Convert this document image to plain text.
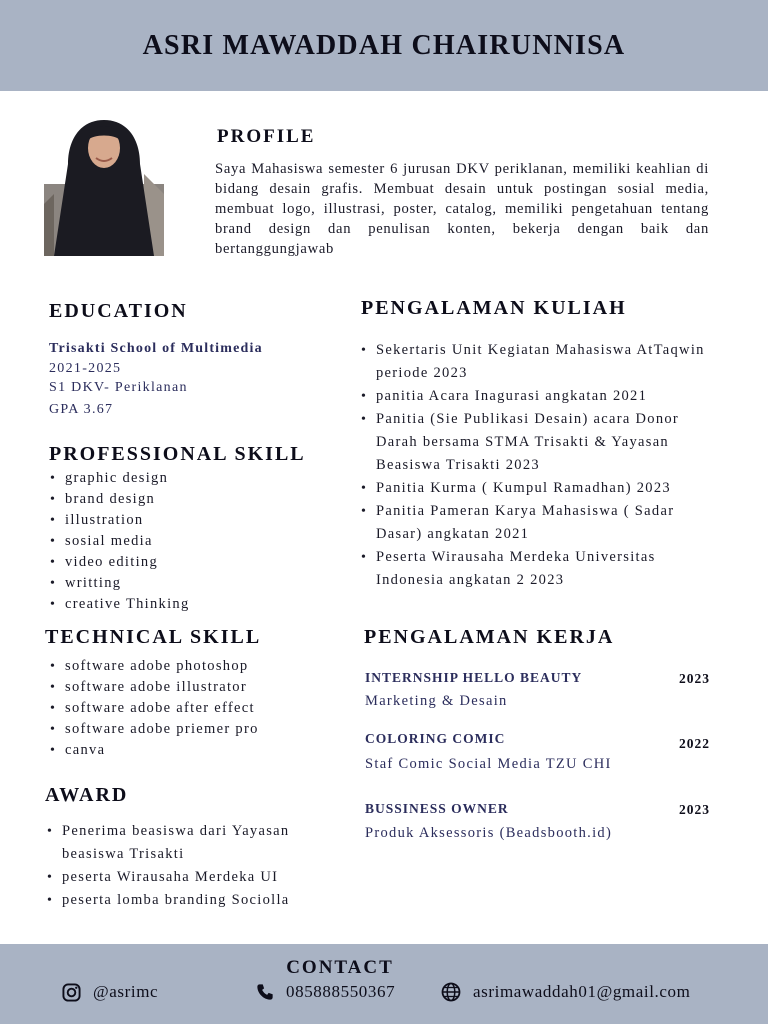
ASRI MAWADDAH CHAIRUNNISA
PROFILE
Saya Mahasiswa semester 6 jurusan DKV periklanan, memiliki keahlian di bidang desain grafis. Membuat desain untuk postingan sosial media, membuat logo, illustrasi, poster, catalog, memiliki pengetahuan tentang brand design dan penulisan konten, bekerja dengan baik dan bertanggungjawab
EDUCATION
Trisakti School of Multimedia
2021-2025
S1 DKV- Periklanan
GPA 3.67
PROFESSIONAL SKILL
• graphic design
• brand design
• illustration
• sosial media
• video editing
• writting
• creative Thinking
TECHNICAL SKILL
• software adobe photoshop
• software adobe illustrator
• software adobe after effect
• software adobe priemer pro
• canva
AWARD
• Penerima beasiswa dari Yayasan beasiswa Trisakti
• peserta Wirausaha Merdeka UI
• peserta lomba branding Sociolla
PENGALAMAN KULIAH
• Sekertaris Unit Kegiatan Mahasiswa AtTaqwin periode 2023
• panitia Acara Inagurasi angkatan 2021
• Panitia (Sie Publikasi Desain) acara Donor Darah bersama STMA Trisakti & Yayasan Beasiswa Trisakti 2023
• Panitia Kurma ( Kumpul Ramadhan) 2023
• Panitia Pameran Karya Mahasiswa ( Sadar Dasar) angkatan 2021
• Peserta Wirausaha Merdeka Universitas Indonesia angkatan 2 2023
PENGALAMAN KERJA
2023
INTERNSHIP HELLO BEAUTY
Marketing & Desain
2022
COLORING COMIC
Staf Comic Social Media TZU CHI
2023
BUSSINESS OWNER
Produk Aksessoris (Beadsbooth.id)
CONTACT
@asrimc	085888550367	asrimawaddah01@gmail.com
